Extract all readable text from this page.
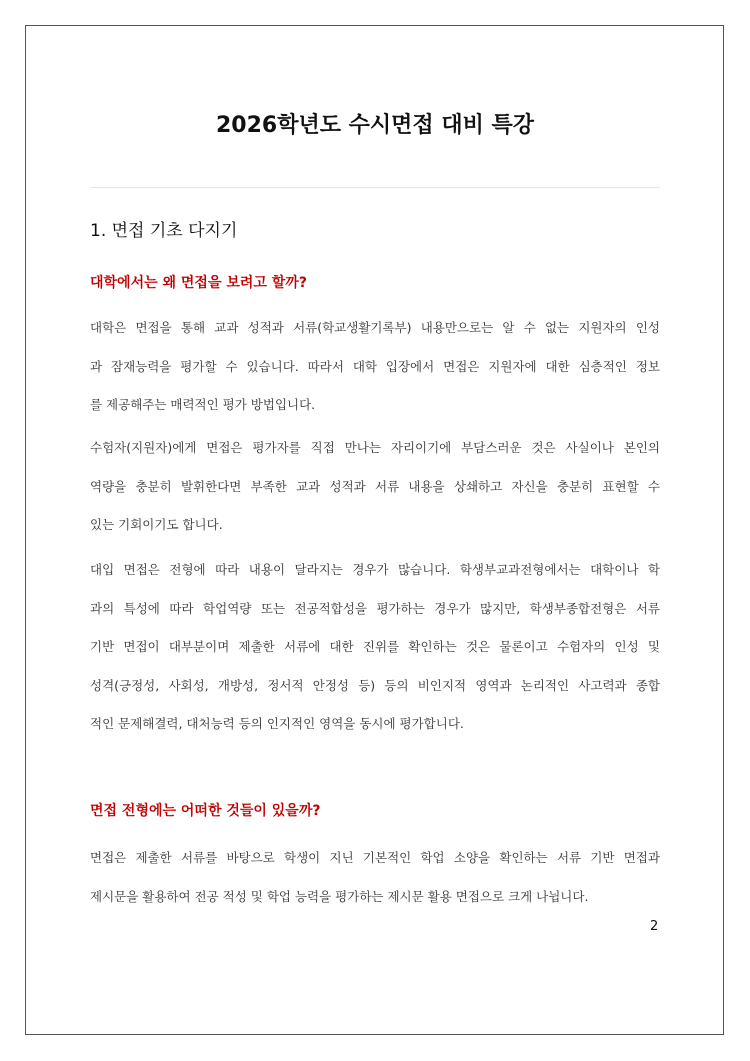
2026학년도 수시면접 대비 특강
1. 면접 기초 다지기
대학에서는 왜 면접을 보려고 할까?
대학은 면접을 통해 교과 성적과 서류(학교생활기록부) 내용만으로는 알 수 없는 지원자의 인성
과 잠재능력을 평가할 수 있습니다. 따라서 대학 입장에서 면접은 지원자에 대한 심층적인 정보
를 제공해주는 매력적인 평가 방법입니다.
수험자(지원자)에게 면접은 평가자를 직접 만나는 자리이기에 부담스러운 것은 사실이나 본인의
역량을 충분히 발휘한다면 부족한 교과 성적과 서류 내용을 상쇄하고 자신을 충분히 표현할 수
있는 기회이기도 합니다.
대입 면접은 전형에 따라 내용이 달라지는 경우가 많습니다. 학생부교과전형에서는 대학이나 학
과의 특성에 따라 학업역량 또는 전공적합성을 평가하는 경우가 많지만, 학생부종합전형은 서류
기반 면접이 대부분이며 제출한 서류에 대한 진위를 확인하는 것은 물론이고 수험자의 인성 및
성격(긍정성, 사회성, 개방성, 정서적 안정성 등) 등의 비인지적 영역과 논리적인 사고력과 종합
적인 문제해결력, 대처능력 등의 인지적인 영역을 동시에 평가합니다.
면접 전형에는 어떠한 것들이 있을까?
면접은 제출한 서류를 바탕으로 학생이 지닌 기본적인 학업 소양을 확인하는 서류 기반 면접과
제시문을 활용하여 전공 적성 및 학업 능력을 평가하는 제시문 활용 면접으로 크게 나뉩니다.
2
